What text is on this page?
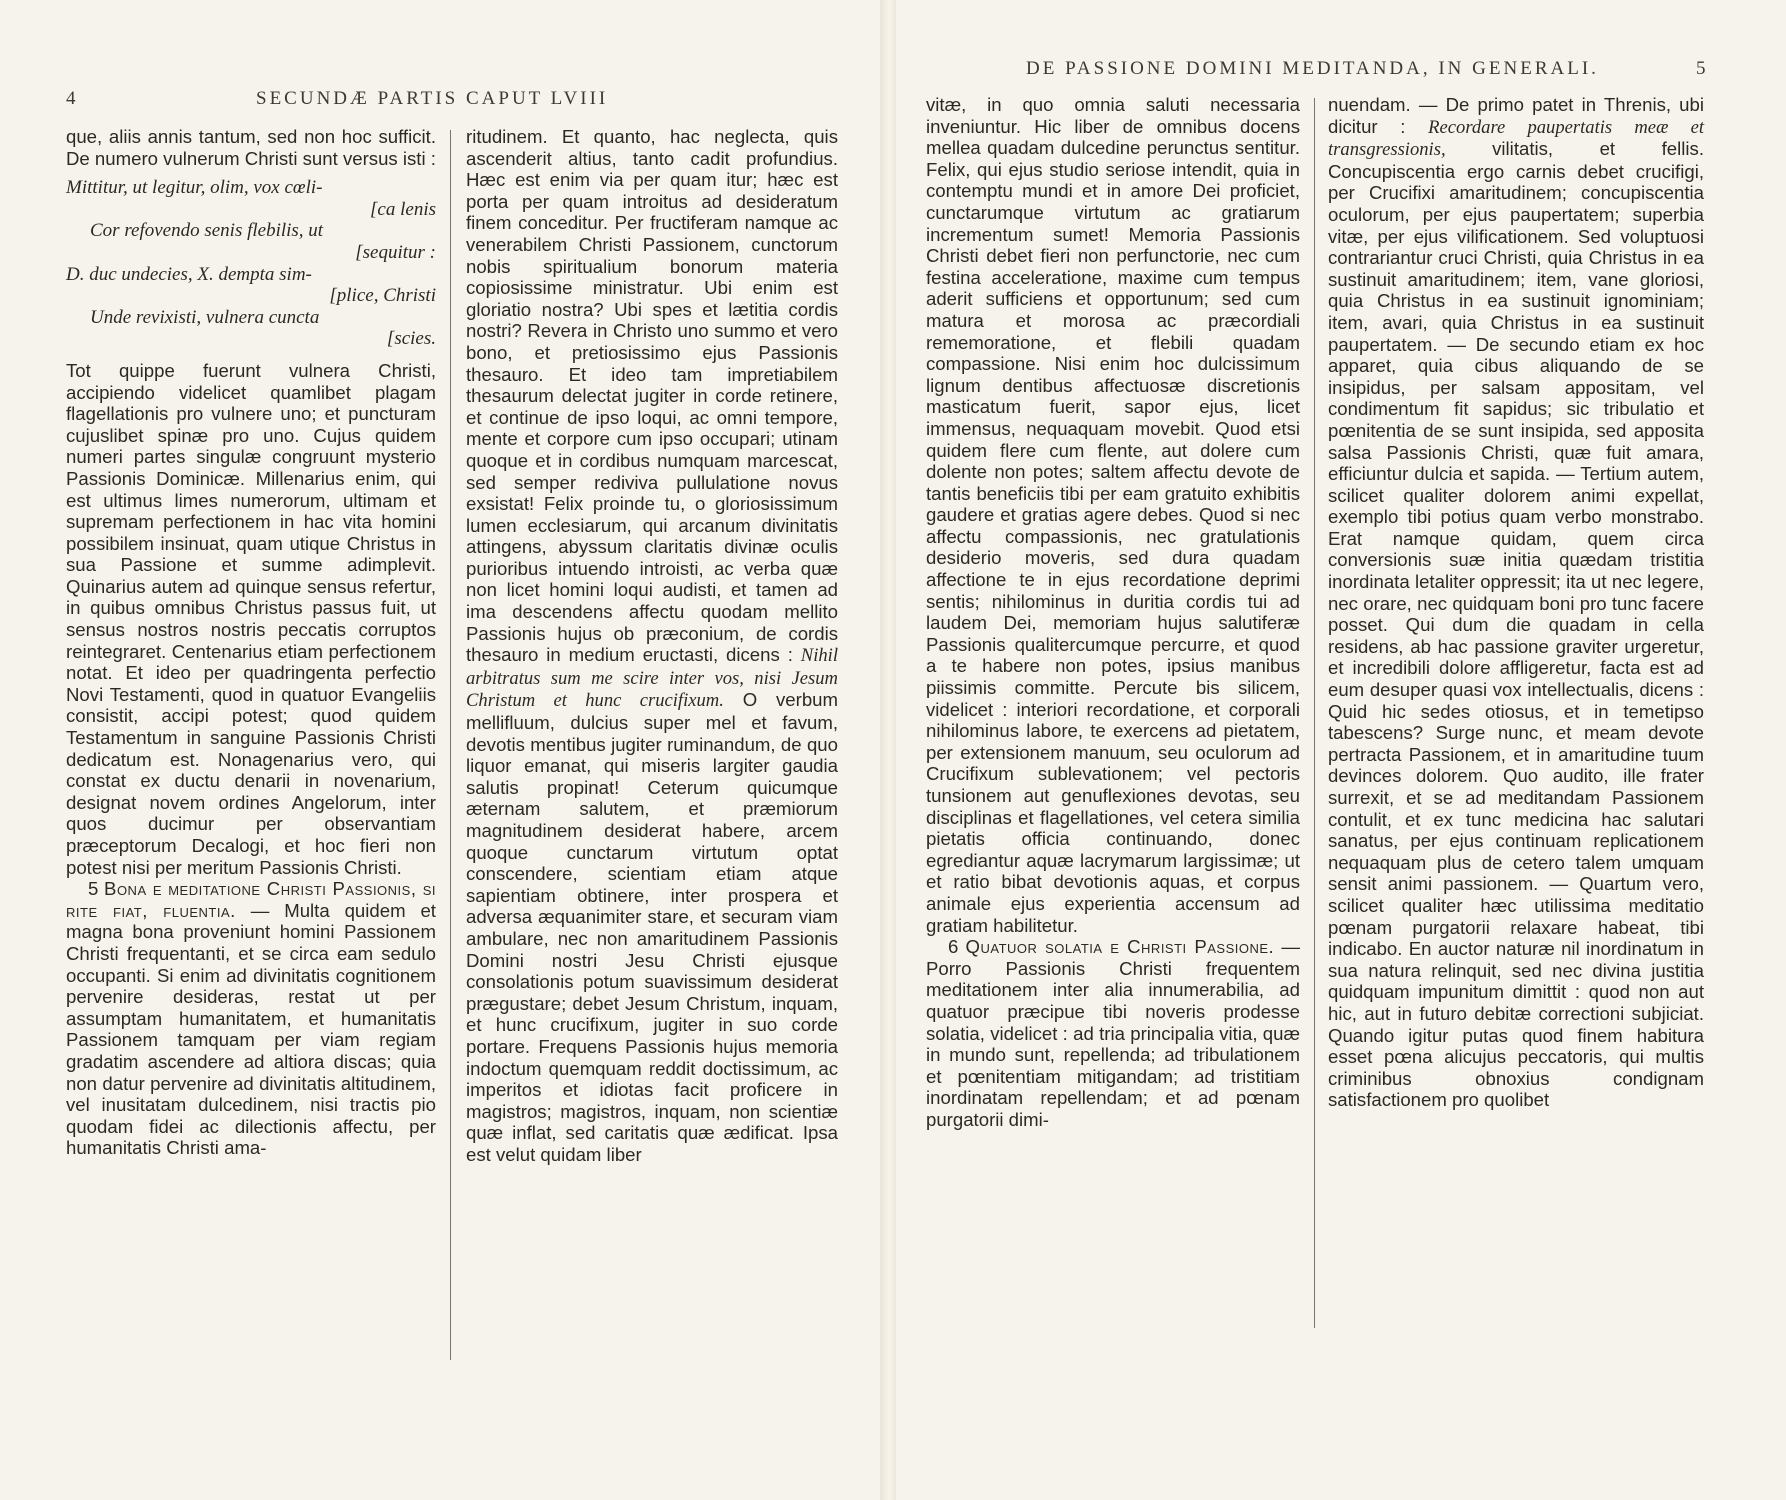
4	SECUNDÆ PARTIS CAPUT LVIII

que, aliis annis tantum, sed non hoc sufficit. De numero vulnerum Christi sunt versus isti :

Mittitur, ut legitur, olim, vox cœli-
[ca lenis
Cor refovendo senis flebilis, ut
[sequitur :
D. duc undecies, X. dempta sim-
[plice, Christi
Unde revixisti, vulnera cuncta
[scies.

Tot quippe fuerunt vulnera Christi, accipiendo videlicet quamlibet plagam flagellationis pro vulnere uno; et puncturam cujuslibet spinæ pro uno. Cujus quidem numeri partes singulæ congruunt mysterio Passionis Dominicæ. Millenarius enim, qui est ultimus limes numerorum, ultimam et supremam perfectionem in hac vita homini possibilem insinuat, quam utique Christus in sua Passione et summe adimplevit. Quinarius autem ad quinque sensus refertur, in quibus omnibus Christus passus fuit, ut sensus nostros nostris peccatis corruptos reintegraret. Centenarius etiam perfectionem notat. Et ideo per quadringenta perfectio Novi Testamenti, quod in quatuor Evangeliis consistit, accipi potest; quod quidem Testamentum in sanguine Passionis Christi dedicatum est. Nonagenarius vero, qui constat ex ductu denarii in novenarium, designat novem ordines Angelorum, inter quos ducimur per observantiam præceptorum Decalogi, et hoc fieri non potest nisi per meritum Passionis Christi.

5 Bona e meditatione Christi Passionis, si rite fiat, fluentia. — Multa quidem et magna bona proveniunt homini Passionem Christi frequentanti, et se circa eam sedulo occupanti. Si enim ad divinitatis cognitionem pervenire desideras, restat ut per assumptam humanitatem, et humanitatis Passionem tamquam per viam regiam gradatim ascendere ad altiora discas; quia non datur pervenire ad divinitatis altitudinem, vel inusitatam dulcedinem, nisi tractis pio quodam fidei ac dilectionis affectu, per humanitatis Christi ama-

ritudinem. Et quanto, hac neglecta, quis ascenderit altius, tanto cadit profundius. Hæc est enim via per quam itur; hæc est porta per quam introitus ad desideratum finem conceditur. Per fructiferam namque ac venerabilem Christi Passionem, cunctorum nobis spiritualium bonorum materia copiosissime ministratur. Ubi enim est gloriatio nostra? Ubi spes et lætitia cordis nostri? Revera in Christo uno summo et vero bono, et pretiosissimo ejus Passionis thesauro. Et ideo tam impretiabilem thesaurum delectat jugiter in corde retinere, et continue de ipso loqui, ac omni tempore, mente et corpore cum ipso occupari; utinam quoque et in cordibus numquam marcescat, sed semper rediviva pullulatione novus exsistat! Felix proinde tu, o gloriosissimum lumen ecclesiarum, qui arcanum divinitatis attingens, abyssum claritatis divinæ oculis purioribus intuendo introisti, ac verba quæ non licet homini loqui audisti, et tamen ad ima descendens affectu quodam mellito Passionis hujus ob præconium, de cordis thesauro in medium eructasti, dicens : Nihil arbitratus sum me scire inter vos, nisi Jesum Christum et hunc crucifixum. O verbum mellifluum, dulcius super mel et favum, devotis mentibus jugiter ruminandum, de quo liquor emanat, qui miseris largiter gaudia salutis propinat! Ceterum quicumque æternam salutem, et præmiorum magnitudinem desiderat habere, arcem quoque cunctarum virtutum optat conscendere, scientiam etiam atque sapientiam obtinere, inter prospera et adversa æquanimiter stare, et securam viam ambulare, nec non amaritudinem Passionis Domini nostri Jesu Christi ejusque consolationis potum suavissimum desiderat prægustare; debet Jesum Christum, inquam, et hunc crucifixum, jugiter in suo corde portare. Frequens Passionis hujus memoria indoctum quemquam reddit doctissimum, ac imperitos et idiotas facit proficere in magistros; magistros, inquam, non scientiæ quæ inflat, sed caritatis quæ ædificat. Ipsa est velut quidam liber

DE PASSIONE DOMINI MEDITANDA, IN GENERALI.	5

vitæ, in quo omnia saluti necessaria inveniuntur. Hic liber de omnibus docens mellea quadam dulcedine perunctus sentitur. Felix, qui ejus studio seriose intendit, quia in contemptu mundi et in amore Dei proficiet, cunctarumque virtutum ac gratiarum incrementum sumet! Memoria Passionis Christi debet fieri non perfunctorie, nec cum festina acceleratione, maxime cum tempus aderit sufficiens et opportunum; sed cum matura et morosa ac præcordiali rememoratione, et flebili quadam compassione. Nisi enim hoc dulcissimum lignum dentibus affectuosæ discretionis masticatum fuerit, sapor ejus, licet immensus, nequaquam movebit. Quod etsi quidem flere cum flente, aut dolere cum dolente non potes; saltem affectu devote de tantis beneficiis tibi per eam gratuito exhibitis gaudere et gratias agere debes. Quod si nec affectu compassionis, nec gratulationis desiderio moveris, sed dura quadam affectione te in ejus recordatione deprimi sentis; nihilominus in duritia cordis tui ad laudem Dei, memoriam hujus salutiferæ Passionis qualitercumque percurre, et quod a te habere non potes, ipsius manibus piissimis committe. Percute bis silicem, videlicet : interiori recordatione, et corporali nihilominus labore, te exercens ad pietatem, per extensionem manuum, seu oculorum ad Crucifixum sublevationem; vel pectoris tunsionem aut genuflexiones devotas, seu disciplinas et flagellationes, vel cetera similia pietatis officia continuando, donec egrediantur aquæ lacrymarum largissimæ; ut et ratio bibat devotionis aquas, et corpus animale ejus experientia accensum ad gratiam habilitetur.

6 Quatuor solatia e Christi Passione. — Porro Passionis Christi frequentem meditationem inter alia innumerabilia, ad quatuor præcipue tibi noveris prodesse solatia, videlicet : ad tria principalia vitia, quæ in mundo sunt, repellenda; ad tribulationem et pœnitentiam mitigandam; ad tristitiam inordinatam repellendam; et ad pœnam purgatorii dimi-

nuendam. — De primo patet in Threnis, ubi dicitur : Recordare paupertatis meæ et transgressionis,	vilitatis, et fellis. Concupiscentia ergo carnis debet crucifigi, per Crucifixi amaritudinem; concupiscentia oculorum, per ejus paupertatem; superbia vitæ, per ejus vilificationem. Sed voluptuosi contrariantur cruci Christi, quia Christus in ea sustinuit amaritudinem; item, vane gloriosi, quia Christus in ea sustinuit ignominiam; item, avari, quia Christus in ea sustinuit paupertatem. — De secundo etiam ex hoc apparet, quia cibus aliquando de se insipidus, per salsam appositam, vel condimentum fit sapidus; sic tribulatio et pœnitentia de se sunt insipida, sed apposita salsa Passionis Christi, quæ fuit amara, efficiuntur dulcia et sapida. — Tertium autem, scilicet qualiter dolorem animi expellat, exemplo tibi potius quam verbo monstrabo. Erat namque quidam, quem circa conversionis suæ initia quædam tristitia inordinata letaliter oppressit; ita ut nec legere, nec orare, nec quidquam boni pro tunc facere posset. Qui dum die quadam in cella residens, ab hac passione graviter urgeretur, et incredibili dolore affligeretur, facta est ad eum desuper quasi vox intellectualis, dicens : Quid hic sedes otiosus, et in temetipso tabescens? Surge nunc, et meam devote pertracta Passionem, et in amaritudine tuum devinces dolorem. Quo audito, ille frater surrexit, et se ad meditandam Passionem contulit, et ex tunc medicina hac salutari sanatus, per ejus continuam replicationem nequaquam plus de cetero talem umquam sensit animi passionem. — Quartum vero, scilicet qualiter hæc utilissima meditatio pœnam purgatorii relaxare habeat, tibi indicabo. En auctor naturæ nil inordinatum in sua natura relinquit, sed nec divina justitia quidquam impunitum dimittit : quod non aut hic, aut in futuro debitæ correctioni subjiciat. Quando igitur putas quod finem habitura esset pœna alicujus peccatoris, qui multis criminibus obnoxius condignam satisfactionem pro quolibet
